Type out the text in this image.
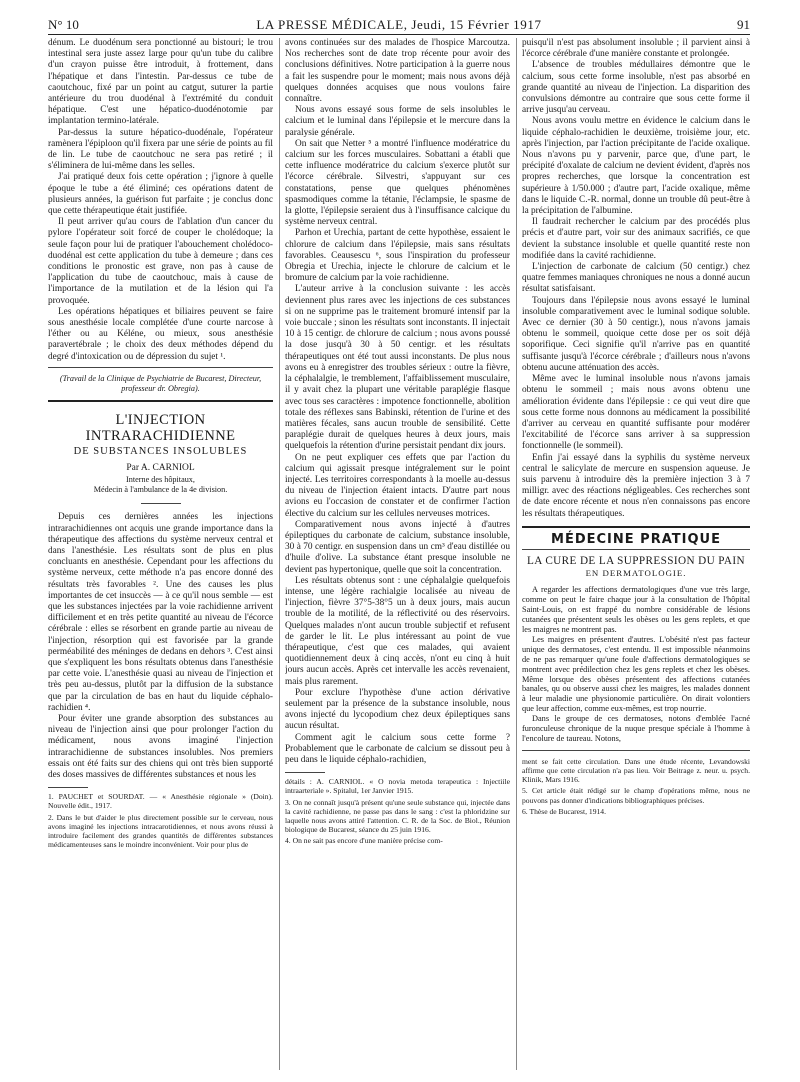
N° 10	LA PRESSE MÉDICALE, Jeudi, 15 Février 1917	91

dénum. Le duodénum sera ponctionné au bistouri; le trou intestinal sera juste assez large pour qu'un tube du calibre d'un crayon puisse être introduit, à frottement, dans l'hépatique et dans l'intestin. Par-dessus ce tube de caoutchouc, fixé par un point au catgut, suturer la partie antérieure du trou duodénal à l'extrémité du conduit hépatique. C'est une hépatico-duodénotomie par implantation termino-latérale.

Par-dessus la suture hépatico-duodénale, l'opérateur ramènera l'épiploon qu'il fixera par une série de points au fil de lin. Le tube de caoutchouc ne sera pas retiré ; il s'éliminera de lui-même dans les selles.

J'ai pratiqué deux fois cette opération ; j'ignore à quelle époque le tube a été éliminé; ces opérations datent de plusieurs années, la guérison fut parfaite ; je conclus donc que cette thérapeutique était justifiée.

Il peut arriver qu'au cours de l'ablation d'un cancer du pylore l'opérateur soit forcé de couper le cholédoque; la seule façon pour lui de pratiquer l'abouchement cholédoco-duodénal est cette application du tube à demeure ; dans ces conditions le pronostic est grave, non pas à cause de l'application du tube de caoutchouc, mais à cause de l'importance de la mutilation et de la lésion qui l'a provoquée.

Les opérations hépatiques et biliaires peuvent se faire sous anesthésie locale complétée d'une courte narcose à l'éther ou au Kéléne, ou mieux, sous anesthésie paravertébrale ; le choix des deux méthodes dépend du degré d'intoxication ou de dépression du sujet ¹.

(Travail de la Clinique de Psychiatrie de Bucarest, Directeur, professeur dr. Obregia).

L'INJECTION INTRARACHIDIENNE
DE SUBSTANCES INSOLUBLES
Par A. CARNIOL
Interne des hôpitaux,
Médecin à l'ambulance de la 4e division.

Depuis ces dernières années les injections intrarachidiennes ont acquis une grande importance dans la thérapeutique des affections du système nerveux central et dans l'anesthésie. Les résultats sont de plus en plus concluants en anesthésie. Cependant pour les affections du système nerveux, cette méthode n'a pas encore donné des résultats très favorables ². Une des causes les plus importantes de cet insuccès — à ce qu'il nous semble — est que les substances injectées par la voie rachidienne arrivent difficilement et en très petite quantité au niveau de l'écorce cérébrale : elles se résorbent en grande partie au niveau de l'injection, résorption qui est favorisée par la grande perméabilité des méninges de dedans en dehors ³. C'est ainsi que s'expliquent les bons résultats obtenus dans l'anesthésie par cette voie. L'anesthésie quasi au niveau de l'injection et très peu au-dessus, plutôt par la diffusion de la substance que par la circulation de bas en haut du liquide céphalo-rachidien ⁴.

Pour éviter une grande absorption des substances au niveau de l'injection ainsi que pour prolonger l'action du médicament, nous avons imaginé l'injection intrarachidienne de substances insolubles. Nos premiers essais ont été faits sur des chiens qui ont très bien supporté des doses massives de différentes substances et nous les

1. PAUCHET et SOURDAT. — « Anesthésie régionale » (Doin). Nouvelle édit., 1917.

2. Dans le but d'aider le plus directement possible sur le cerveau, nous avons imaginé les injections intracarotidiennes, et nous avons réussi à introduire facilement des grandes quantités de différentes substances médicamenteuses sans le moindre inconvénient. Voir pour plus de

avons continuées sur des malades de l'hospice Marcoutza. Nos recherches sont de date trop récente pour avoir des conclusions définitives. Notre participation à la guerre nous a fait les suspendre pour le moment; mais nous avons déjà quelques données acquises que nous voulons faire connaître.

Nous avons essayé sous forme de sels insolubles le calcium et le luminal dans l'épilepsie et le mercure dans la paralysie générale.

On sait que Netter ⁵ a montré l'influence modératrice du calcium sur les forces musculaires. Sobattani a établi que cette influence modératrice du calcium s'exerce plutôt sur l'écorce cérébrale. Silvestri, s'appuyant sur ces constatations, pense que quelques phénomènes spasmodiques comme la tétanie, l'éclampsie, le spasme de la glotte, l'épilepsie seraient dus à l'insuffisance calcique du système nerveux central.

Parhon et Urechia, partant de cette hypothèse, essaient le chlorure de calcium dans l'épilepsie, mais sans résultats favorables. Ceausescu ⁶, sous l'inspiration du professeur Obregia et Urechia, injecte le chlorure de calcium et le bromure de calcium par la voie rachidienne.

L'auteur arrive à la conclusion suivante : les accès deviennent plus rares avec les injections de ces substances si on ne supprime pas le traitement bromuré intensif par la voie buccale ; sinon les résultats sont inconstants. Il injectait 10 à 15 centigr. de chlorure de calcium ; nous avons poussé la dose jusqu'à 30 à 50 centigr. et les résultats thérapeutiques ont été tout aussi inconstants. De plus nous avons eu à enregistrer des troubles sérieux : outre la fièvre, la céphalalgie, le tremblement, l'affaiblissement musculaire, il y avait chez la plupart une véritable paraplégie flasque avec tous ses caractères : impotence fonctionnelle, abolition totale des réflexes sans Babinski, rétention de l'urine et des matières fécales, sans aucun trouble de sensibilité. Cette paraplégie durait de quelques heures à deux jours, mais quelquefois la rétention d'urine persistait pendant dix jours.

On ne peut expliquer ces effets que par l'action du calcium qui agissait presque intégralement sur le point injecté. Les territoires correspondants à la moelle au-dessus du niveau de l'injection étaient intacts. D'autre part nous avions eu l'occasion de constater et de confirmer l'action élective du calcium sur les cellules nerveuses motrices.

Comparativement nous avons injecté à d'autres épileptiques du carbonate de calcium, substance insoluble, 30 à 70 centigr. en suspension dans un cm³ d'eau distillée ou d'huile d'olive. La substance étant presque insoluble ne devient pas hypertonique, quelle que soit la concentration.

Les résultats obtenus sont : une céphalalgie quelquefois intense, une légère rachialgie localisée au niveau de l'injection, fièvre 37°5-38°5 un à deux jours, mais aucun trouble de la motilité, de la réflectivité ou des réservoirs. Quelques malades n'ont aucun trouble subjectif et refusent de garder le lit. Le plus intéressant au point de vue thérapeutique, c'est que ces malades, qui avaient quotidiennement deux à cinq accès, n'ont eu cinq à huit jours aucun accès. Après cet intervalle les accès revenaient, mais plus rarement.

Pour exclure l'hypothèse d'une action dérivative seulement par la présence de la substance insoluble, nous avons injecté du lycopodium chez deux épileptiques sans aucun résultat.

Comment agit le calcium sous cette forme ? Probablement que le carbonate de calcium se dissout peu à peu dans le liquide céphalo-rachidien,

détails : A. CARNIOL. « O novia metoda terapeutica : Injectiile intraarteriale ». Spitalul, 1er Janvier 1915.

3. On ne connaît jusqu'à présent qu'une seule substance qui, injectée dans la cavité rachidienne, ne passe pas dans le sang : c'est la phloridzine sur laquelle nous avons attiré l'attention. C. R. de la Soc. de Biol., Réunion biologique de Bucarest, séance du 25 juin 1916.

4. On ne sait pas encore d'une manière précise com-

puisqu'il n'est pas absolument insoluble ; il parvient ainsi à l'écorce cérébrale d'une manière constante et prolongée.

L'absence de troubles médullaires démontre que le calcium, sous cette forme insoluble, n'est pas absorbé en grande quantité au niveau de l'injection. La disparition des convulsions démontre au contraire que sous cette forme il arrive jusqu'au cerveau.

Nous avons voulu mettre en évidence le calcium dans le liquide céphalo-rachidien le deuxième, troisième jour, etc. après l'injection, par l'action précipitante de l'acide oxalique. Nous n'avons pu y parvenir, parce que, d'une part, le précipité d'oxalate de calcium ne devient évident, d'après nos propres recherches, que lorsque la concentration est supérieure à 1/50.000 ; d'autre part, l'acide oxalique, même dans le liquide C.-R. normal, donne un trouble dû peut-être à la précipitation de l'albumine.

Il faudrait rechercher le calcium par des procédés plus précis et d'autre part, voir sur des animaux sacrifiés, ce que devient la substance insoluble et quelle quantité reste non modifiée dans la cavité rachidienne.

L'injection de carbonate de calcium (50 centigr.) chez quatre femmes maniaques chroniques ne nous a donné aucun résultat satisfaisant.

Toujours dans l'épilepsie nous avons essayé le luminal insoluble comparativement avec le luminal sodique soluble. Avec ce dernier (30 à 50 centigr.), nous n'avons jamais obtenu le sommeil, quoique cette dose per os soit déjà soporifique. Ceci signifie qu'il n'arrive pas en quantité suffisante jusqu'à l'écorce cérébrale ; d'ailleurs nous n'avons obtenu aucune atténuation des accès.

Même avec le luminal insoluble nous n'avons jamais obtenu le sommeil ; mais nous avons obtenu une amélioration évidente dans l'épilepsie : ce qui veut dire que sous cette forme nous donnons au médicament la possibilité d'arriver au cerveau en quantité suffisante pour modérer l'excitabilité de l'écorce sans arriver à sa suppression fonctionnelle (le sommeil).

Enfin j'ai essayé dans la syphilis du système nerveux central le salicylate de mercure en suspension aqueuse. Je suis parvenu à introduire dès la première injection 3 à 7 milligr. avec des réactions négligeables. Ces recherches sont de date encore récente et nous n'en connaissons pas encore les résultats thérapeutiques.

MÉDECINE PRATIQUE
LA CURE DE LA SUPPRESSION DU PAIN
EN DERMATOLOGIE.

A regarder les affections dermatologiques d'une vue très large, comme on peut le faire chaque jour à la consultation de l'hôpital Saint-Louis, on est frappé du nombre considérable de lésions cutanées que présentent seuls les obèses ou les gens replets, et que les maigres ne montrent pas.

Les maigres en présentent d'autres. L'obésité n'est pas facteur unique des dermatoses, c'est entendu. Il est impossible néanmoins de ne pas remarquer qu'une foule d'affections dermatologiques se montrent avec prédilection chez les gens replets et chez les obèses. Même lorsque des obèses présentent des affections cutanées banales, qu ou observe aussi chez les maigres, les malades donnent à leur maladie une physionomie particulière. On dirait volontiers que leur affection, comme eux-mêmes, est trop nourrie.

Dans le groupe de ces dermatoses, notons d'emblée l'acné furonculeuse chronique de la nuque presque spéciale à l'homme à l'encolure de taureau. Notons,

ment se fait cette circulation. Dans une étude récente, Levandowski affirme que cette circulation n'a pas lieu. Voir Beitrage z. neur. u. psych. Klinik, Mars 1916.

5. Cet article était rédigé sur le champ d'opérations même, nous ne pouvons pas donner d'indications bibliographiques précises.

6. Thèse de Bucarest, 1914.
